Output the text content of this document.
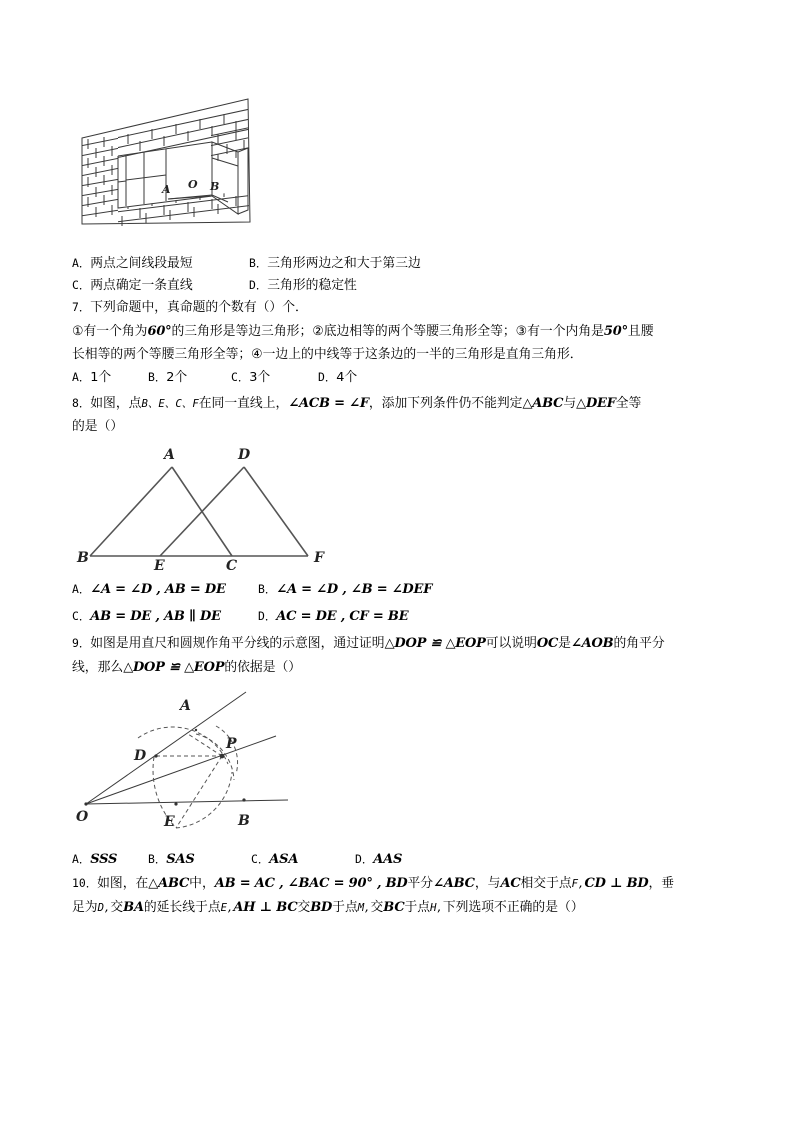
A O B
A．两点之间线段最短	B．三角形两边之和大于第三边
C．两点确定一条直线	D．三角形的稳定性
7．下列命题中，真命题的个数有（）个．
①有一个角为60°的三角形是等边三角形；②底边相等的两个等腰三角形全等；③有一个内角是50°且腰
长相等的两个等腰三角形全等；④一边上的中线等于这条边的一半的三角形是直角三角形．
A．1个	B．2个	C．3个	D．4个
8．如图，点B、E、C、F在同一直线上，∠ACB = ∠F，添加下列条件仍不能判定△ABC与△DEF全等
的是（）
A	D
B	E	C	F
A．∠A = ∠D , AB = DE	B．∠A = ∠D , ∠B = ∠DEF
C．AB = DE , AB ∥ DE	D．AC = DE , CF = BE
9．如图是用直尺和圆规作角平分线的示意图，通过证明△DOP ≌ △EOP可以说明OC是∠AOB的角平分
线，那么△DOP ≌ △EOP的依据是（）
A
D
P
O	E	B
A．SSS	B．SAS	C．ASA	D．AAS
10．如图，在△ABC中，AB = AC , ∠BAC = 90° , BD平分∠ABC，与AC相交于点F,CD ⊥ BD，垂
足为D,交BA的延长线于点E,AH ⊥ BC交BD于点M,交BC于点H,下列选项不正确的是（）
